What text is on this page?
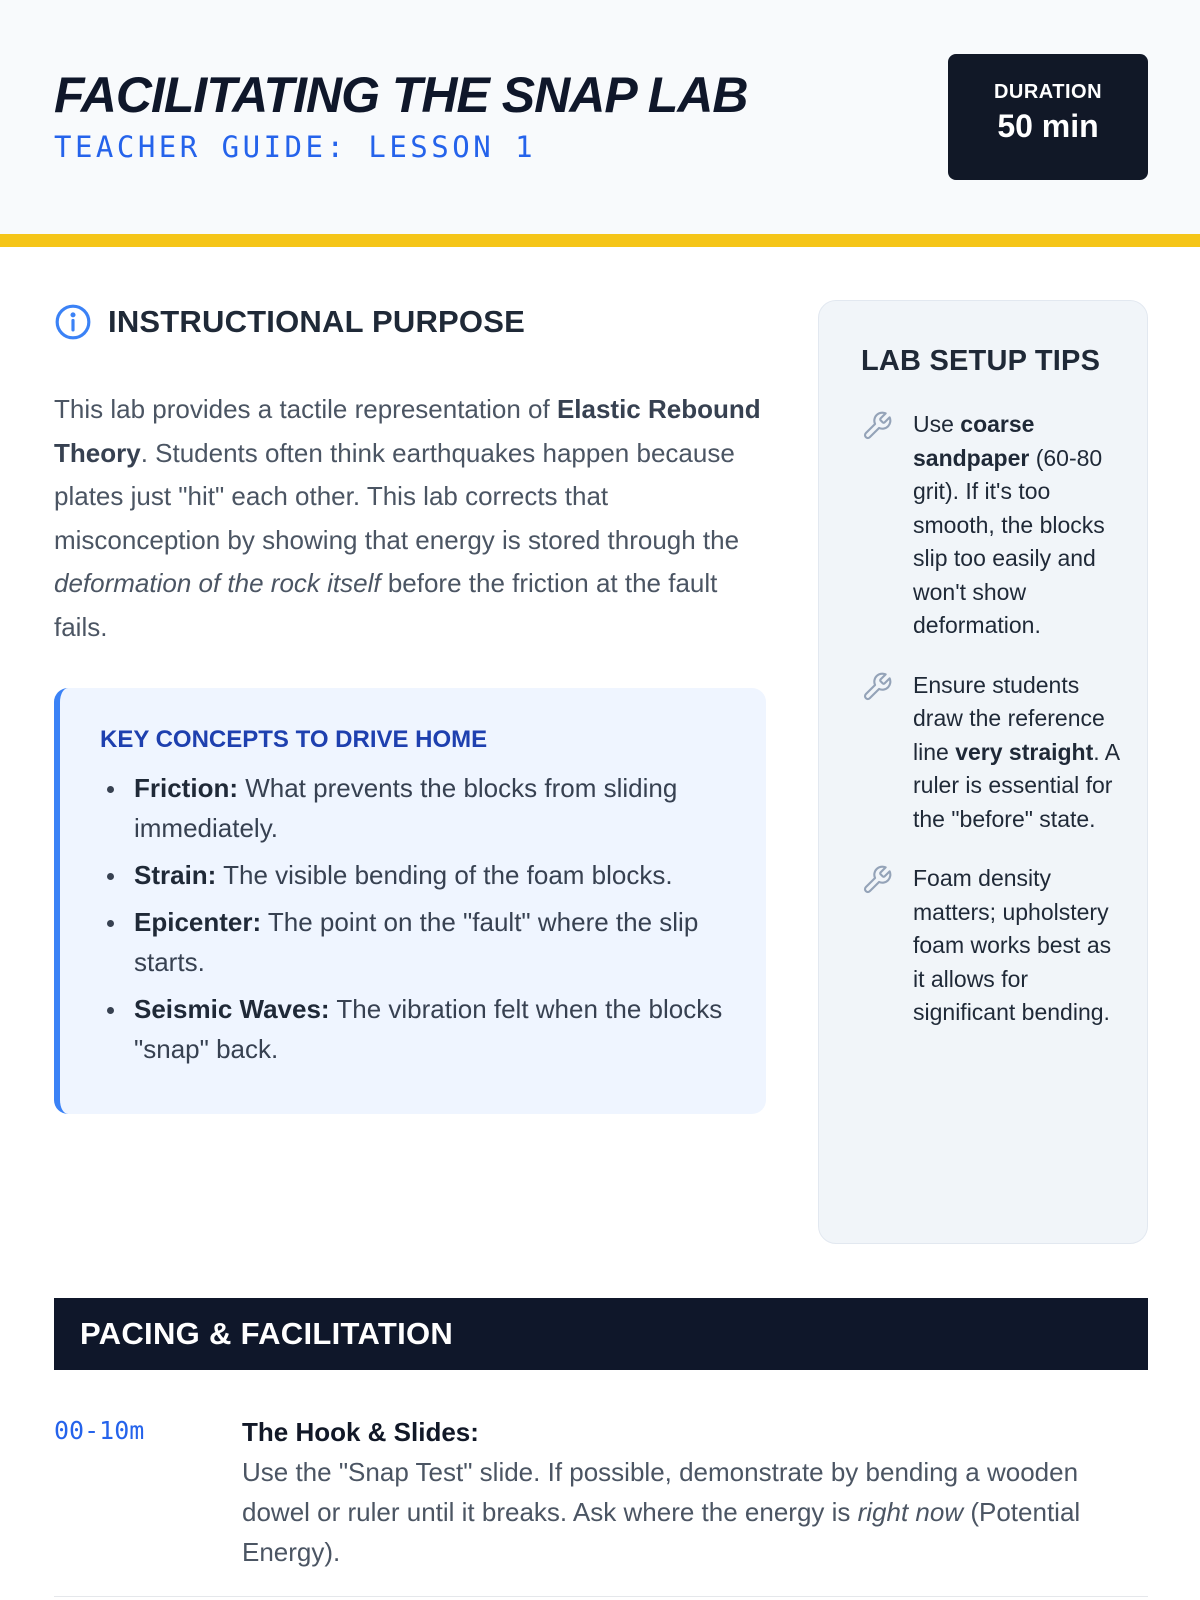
FACILITATING THE SNAP LAB
TEACHER GUIDE: LESSON 1
DURATION
50 min
INSTRUCTIONAL PURPOSE

This lab provides a tactile representation of Elastic Rebound Theory. Students often think earthquakes happen because plates just "hit" each other. This lab corrects that misconception by showing that energy is stored through the deformation of the rock itself before the friction at the fault fails.

KEY CONCEPTS TO DRIVE HOME
Friction: What prevents the blocks from sliding immediately.
Strain: The visible bending of the foam blocks.
Epicenter: The point on the "fault" where the slip starts.
Seismic Waves: The vibration felt when the blocks "snap" back.
LAB SETUP TIPS

Use coarse sandpaper (60-80 grit). If it's too smooth, the blocks slip too easily and won't show deformation.

Ensure students draw the reference line very straight. A ruler is essential for the "before" state.

Foam density matters; upholstery foam works best as it allows for significant bending.

PACING & FACILITATION
00-10m	The Hook & Slides:

Use the "Snap Test" slide. If possible, demonstrate by bending a wooden dowel or ruler until it breaks. Ask where the energy is right now (Potential Energy).
